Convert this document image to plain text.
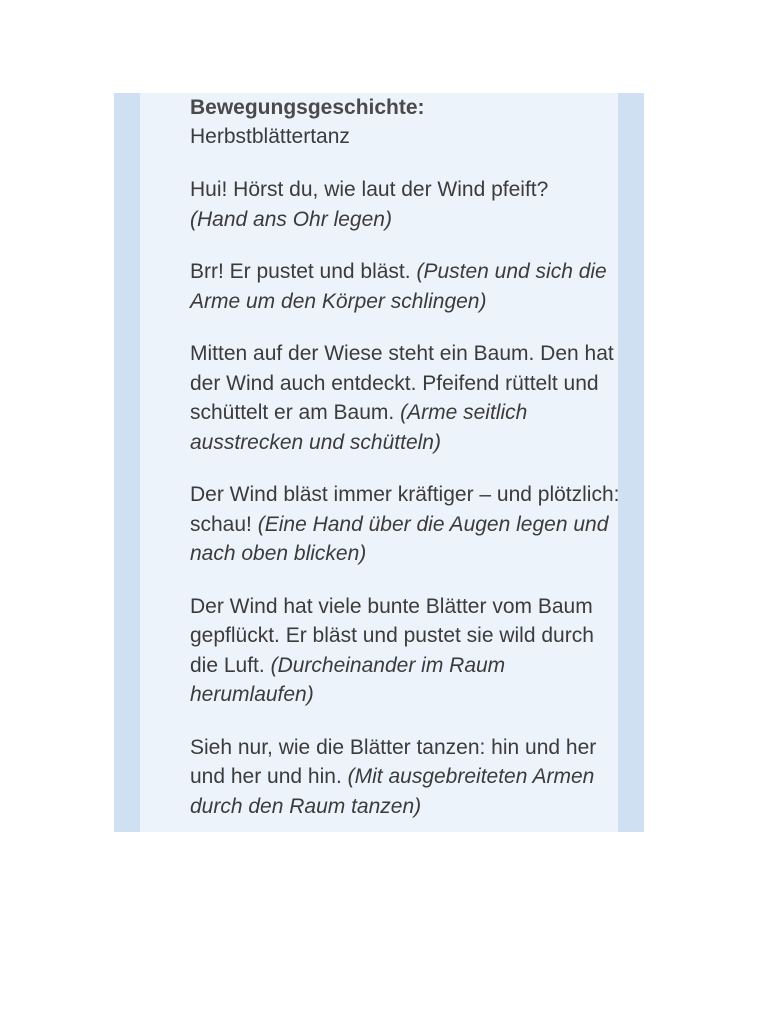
Bewegungsgeschichte:

Herbstblättertanz

Hui! Hörst du, wie laut der Wind pfeift?
(Hand ans Ohr legen)

Brr! Er pustet und bläst. (Pusten und sich die Arme um den Körper schlingen)

Mitten auf der Wiese steht ein Baum. Den hat der Wind auch entdeckt. Pfeifend rüttelt und schüttelt er am Baum. (Arme seitlich ausstrecken und schütteln)

Der Wind bläst immer kräftiger – und plötzlich: schau! (Eine Hand über die Augen legen und nach oben blicken)

Der Wind hat viele bunte Blätter vom Baum gepflückt. Er bläst und pustet sie wild durch die Luft. (Durcheinander im Raum herumlaufen)

Sieh nur, wie die Blätter tanzen: hin und her und her und hin. (Mit ausgebreiteten Armen durch den Raum tanzen)
